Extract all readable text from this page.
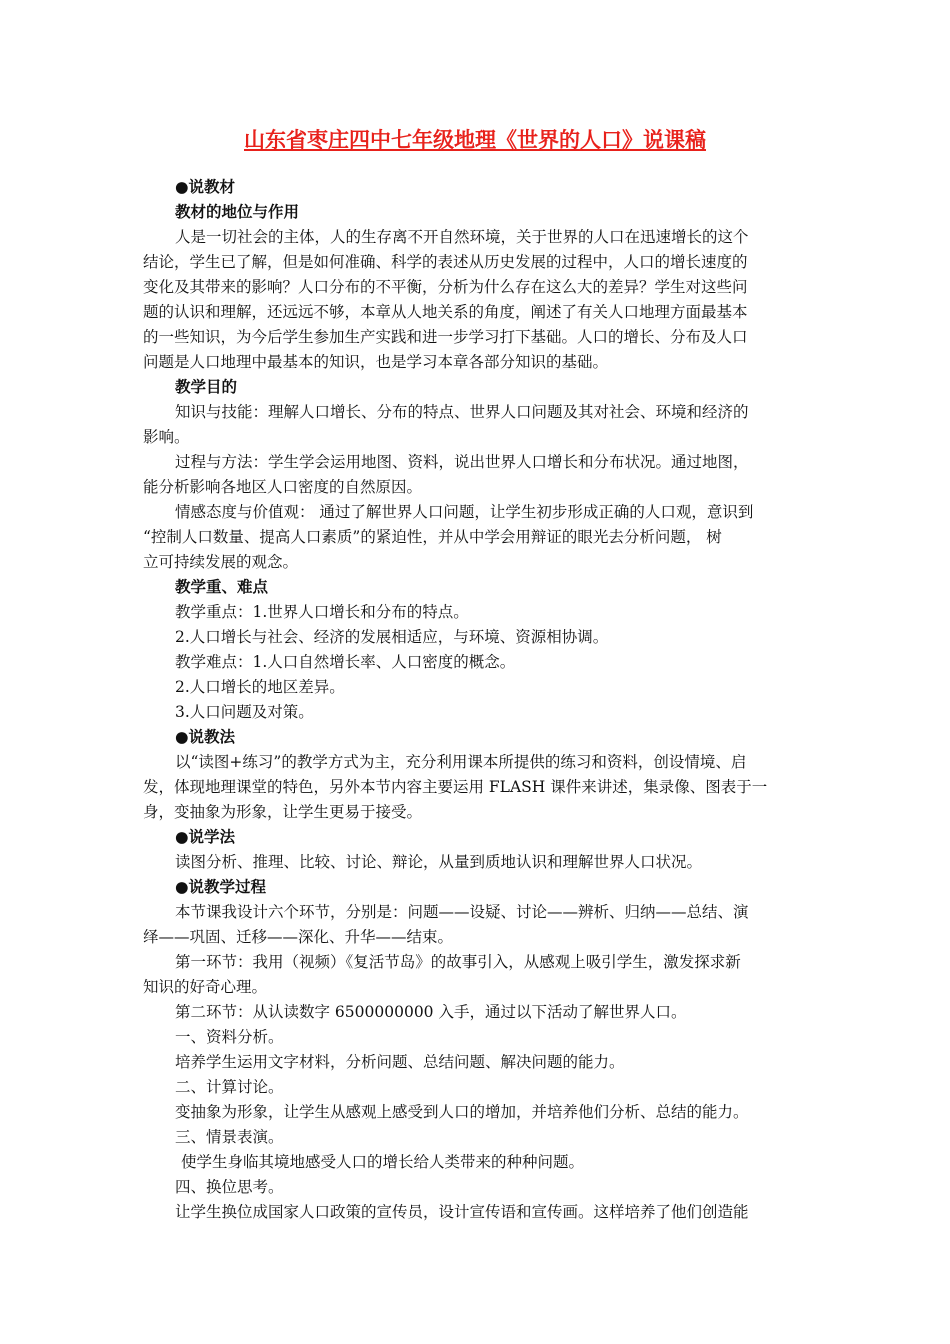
山东省枣庄四中七年级地理《世界的人口》说课稿
●说教材
教材的地位与作用
人是一切社会的主体，人的生存离不开自然环境，关于世界的人口在迅速增长的这个
结论，学生已了解，但是如何准确、科学的表述从历史发展的过程中，人口的增长速度的
变化及其带来的影响？人口分布的不平衡，分析为什么存在这么大的差异？学生对这些问
题的认识和理解，还远远不够，本章从人地关系的角度，阐述了有关人口地理方面最基本
的一些知识，为今后学生参加生产实践和进一步学习打下基础。人口的增长、分布及人口
问题是人口地理中最基本的知识，也是学习本章各部分知识的基础。
教学目的
知识与技能：理解人口增长、分布的特点、世界人口问题及其对社会、环境和经济的
影响。
过程与方法：学生学会运用地图、资料，说出世界人口增长和分布状况。通过地图，
能分析影响各地区人口密度的自然原因。
情感态度与价值观： 通过了解世界人口问题，让学生初步形成正确的人口观，意识到
“控制人口数量、提高人口素质”的紧迫性，并从中学会用辩证的眼光去分析问题， 树
立可持续发展的观念。
教学重、难点
教学重点：1.世界人口增长和分布的特点。
2.人口增长与社会、经济的发展相适应，与环境、资源相协调。
教学难点：1.人口自然增长率、人口密度的概念。
2.人口增长的地区差异。
3.人口问题及对策。
●说教法
以“读图+练习”的教学方式为主，充分利用课本所提供的练习和资料，创设情境、启
发，体现地理课堂的特色，另外本节内容主要运用 FLASH 课件来讲述，集录像、图表于一
身，变抽象为形象，让学生更易于接受。
●说学法
读图分析、推理、比较、讨论、辩论，从量到质地认识和理解世界人口状况。
●说教学过程
本节课我设计六个环节，分别是：问题——设疑、讨论——辨析、归纳——总结、演
绎——巩固、迁移——深化、升华——结束。
第一环节：我用（视频）《复活节岛》的故事引入，从感观上吸引学生，激发探求新
知识的好奇心理。
第二环节：从认读数字 6500000000 入手，通过以下活动了解世界人口。
一、资料分析。
培养学生运用文字材料，分析问题、总结问题、解决问题的能力。
二、计算讨论。
变抽象为形象，让学生从感观上感受到人口的增加，并培养他们分析、总结的能力。
三、情景表演。
使学生身临其境地感受人口的增长给人类带来的种种问题。
四、换位思考。
让学生换位成国家人口政策的宣传员，设计宣传语和宣传画。这样培养了他们创造能
